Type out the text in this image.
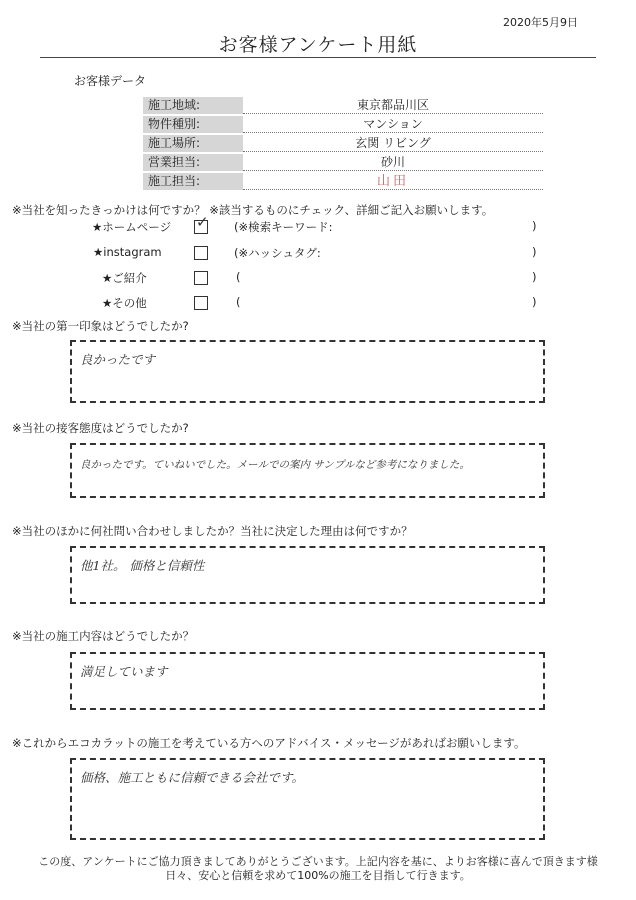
2020年5月9日
お客様アンケート用紙
お客様データ
施工地域:	東京都品川区
物件種別:	マンション
施工場所:	玄関 リビング
営業担当:	砂川
施工担当:	山田
※当社を知ったきっかけは何ですか？ ※該当するものにチェック、詳細ご記入お願いします。
★ホームページ ✓ (※検索キーワード:	)
★instagram	(※ハッシュタグ:	)
★ご紹介	(	)
★その他	(	)
※当社の第一印象はどうでしたか?
良かったです
※当社の接客態度はどうでしたか?
良かったです。ていねいでした。メールでの案内 サンプルなど参考になりました。
※当社のほかに何社問い合わせしましたか？当社に決定した理由は何ですか？
他1社。 価格と信頼性
※当社の施工内容はどうでしたか？
満足しています
※これからエコカラットの施工を考えている方へのアドバイス・メッセージがあればお願いします。
価格、施工ともに信頼できる会社です。
この度、アンケートにご協力頂きましてありがとうございます。上記内容を基に、よりお客様に喜んで頂きます様
日々、安心と信頼を求めて100%の施工を目指して行きます。
